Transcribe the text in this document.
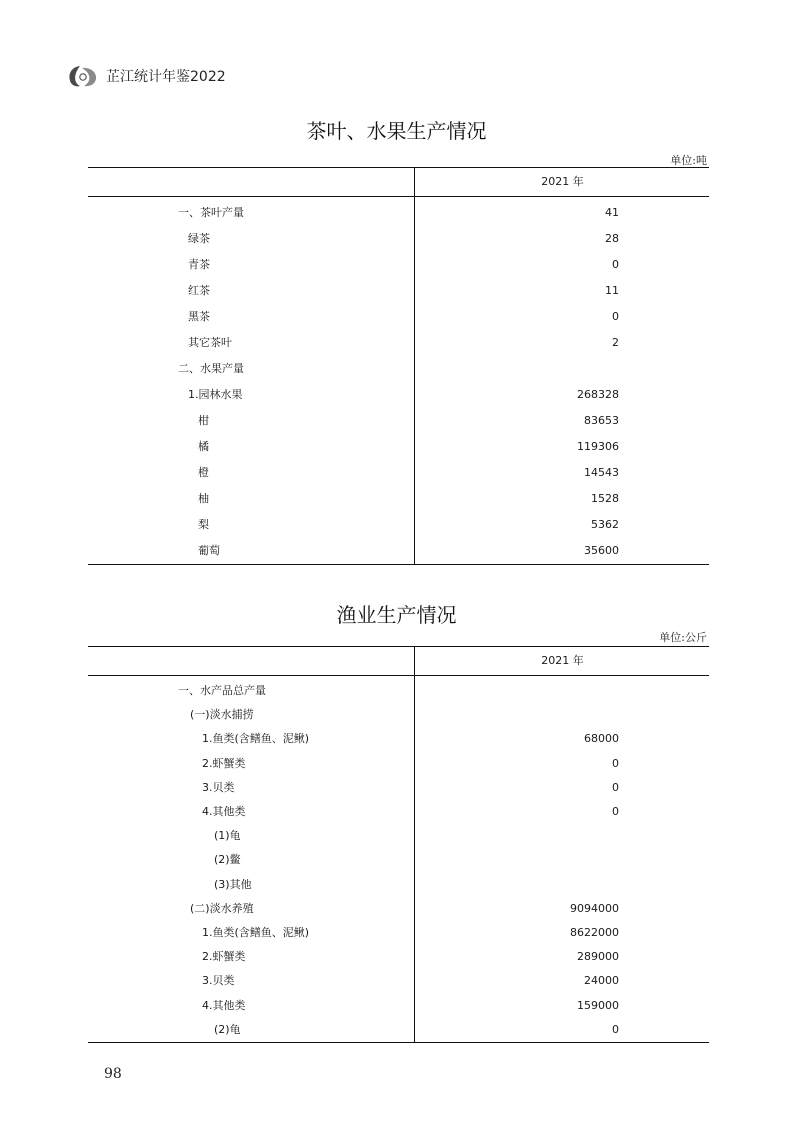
芷江统计年鉴2022
茶叶、水果生产情况
单位:吨
2021 年
一、茶叶产量	41
绿茶	28
青茶	0
红茶	11
黑茶	0
其它茶叶	2
二、水果产量
1.园林水果	268328
柑	83653
橘	119306
橙	14543
柚	1528
梨	5362
葡萄	35600
渔业生产情况
单位:公斤
2021 年
一、水产品总产量
(一)淡水捕捞
1.鱼类(含鳝鱼、泥鳅)	68000
2.虾蟹类	0
3.贝类	0
4.其他类	0
(1)龟
(2)鳖
(3)其他
(二)淡水养殖	9094000
1.鱼类(含鳝鱼、泥鳅)	8622000
2.虾蟹类	289000
3.贝类	24000
4.其他类	159000
(2)龟	0
98
